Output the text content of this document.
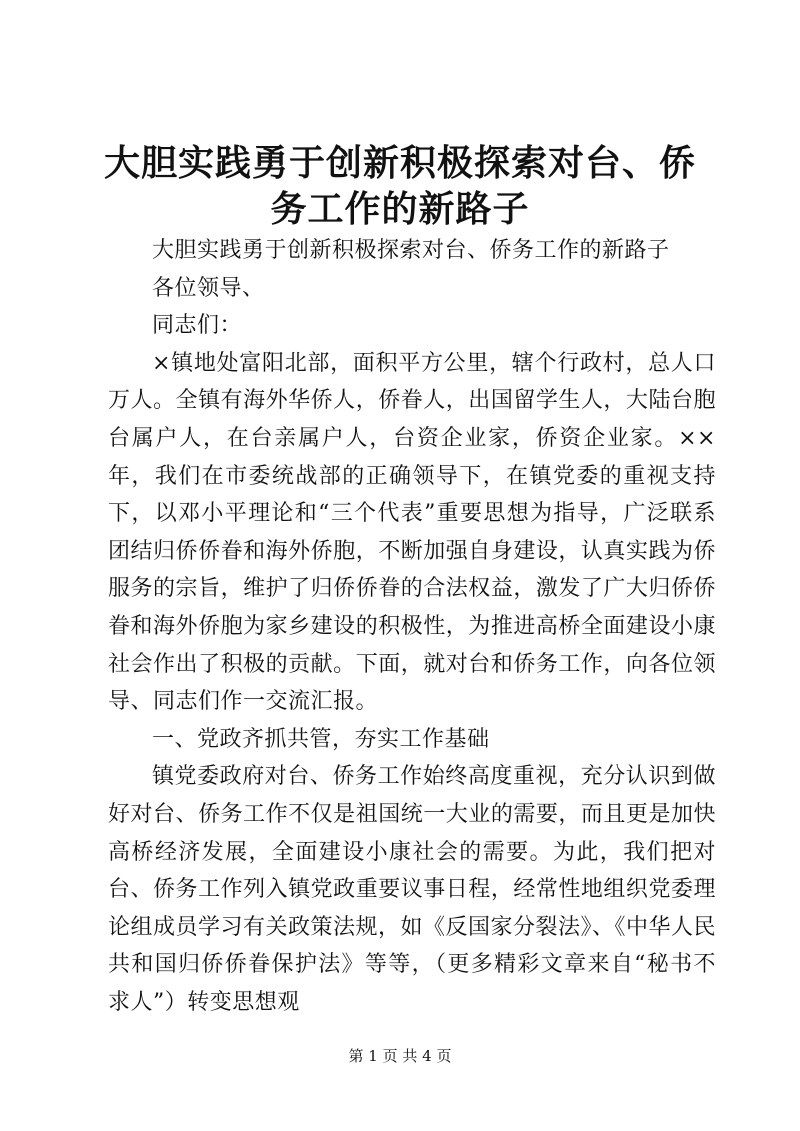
大胆实践勇于创新积极探索对台、侨务工作的新路子

大胆实践勇于创新积极探索对台、侨务工作的新路子

各位领导、

同志们：

×镇地处富阳北部，面积平方公里，辖个行政村，总人口万人。全镇有海外华侨人，侨眷人，出国留学生人，大陆台胞台属户人，在台亲属户人，台资企业家，侨资企业家。××年，我们在市委统战部的正确领导下，在镇党委的重视支持下，以邓小平理论和“三个代表”重要思想为指导，广泛联系团结归侨侨眷和海外侨胞，不断加强自身建设，认真实践为侨服务的宗旨，维护了归侨侨眷的合法权益，激发了广大归侨侨眷和海外侨胞为家乡建设的积极性，为推进高桥全面建设小康社会作出了积极的贡献。下面，就对台和侨务工作，向各位领导、同志们作一交流汇报。

一、党政齐抓共管，夯实工作基础

镇党委政府对台、侨务工作始终高度重视，充分认识到做好对台、侨务工作不仅是祖国统一大业的需要，而且更是加快高桥经济发展，全面建设小康社会的需要。为此，我们把对台、侨务工作列入镇党政重要议事日程，经常性地组织党委理论组成员学习有关政策法规，如《反国家分裂法》、《中华人民共和国归侨侨眷保护法》等等，（更多精彩文章来自“秘书不求人”）转变思想观

第 1 页 共 4 页
